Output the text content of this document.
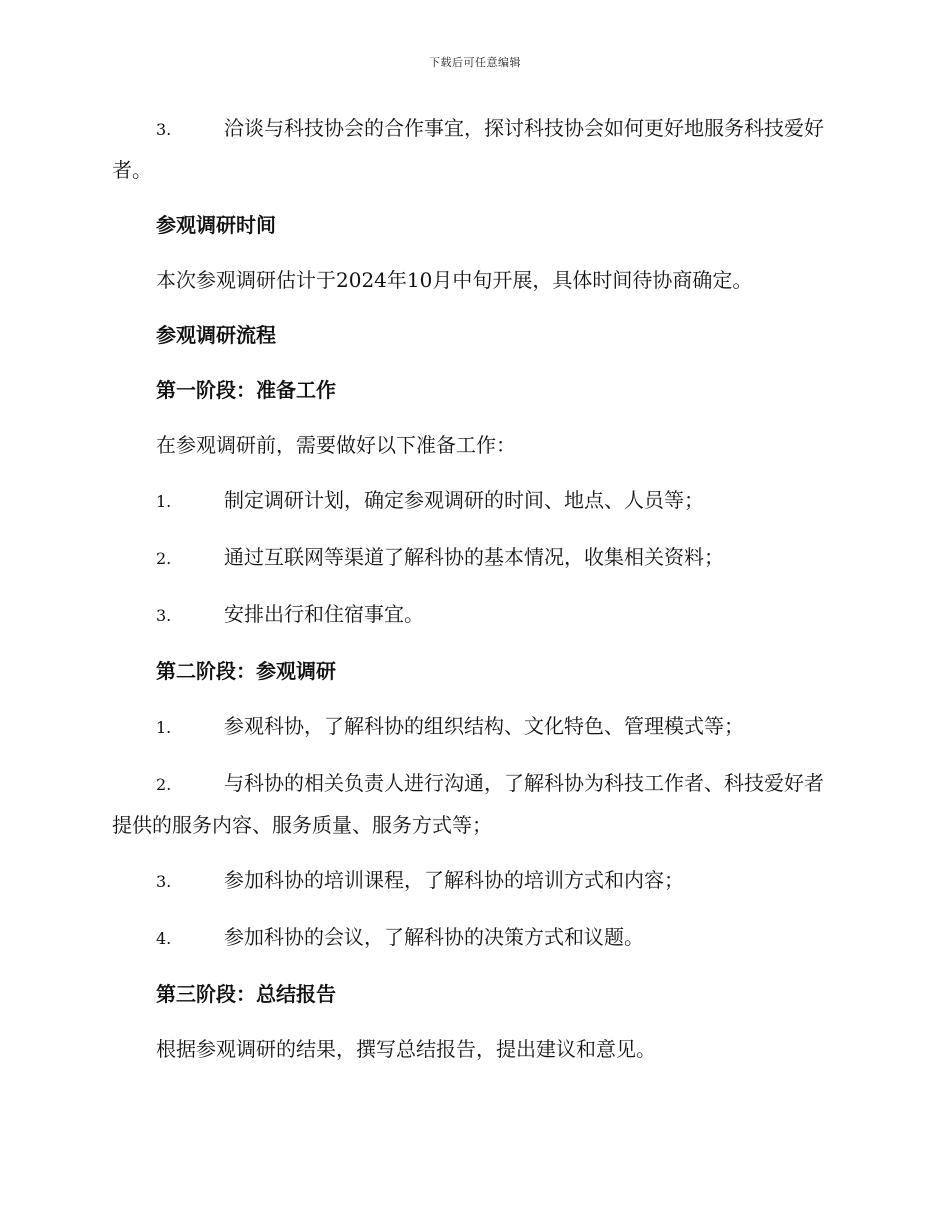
下载后可任意编辑

3.	洽谈与科技协会的合作事宜，探讨科技协会如何更好地服务科技爱好者。

参观调研时间

本次参观调研估计于2024年10月中旬开展，具体时间待协商确定。

参观调研流程

第一阶段：准备工作

在参观调研前，需要做好以下准备工作：

1.	制定调研计划，确定参观调研的时间、地点、人员等；

2.	通过互联网等渠道了解科协的基本情况，收集相关资料；

3.	安排出行和住宿事宜。

第二阶段：参观调研

1.	参观科协，了解科协的组织结构、文化特色、管理模式等；

2.	与科协的相关负责人进行沟通，了解科协为科技工作者、科技爱好者提供的服务内容、服务质量、服务方式等；

3.	参加科协的培训课程，了解科协的培训方式和内容；

4.	参加科协的会议，了解科协的决策方式和议题。

第三阶段：总结报告

根据参观调研的结果，撰写总结报告，提出建议和意见。
